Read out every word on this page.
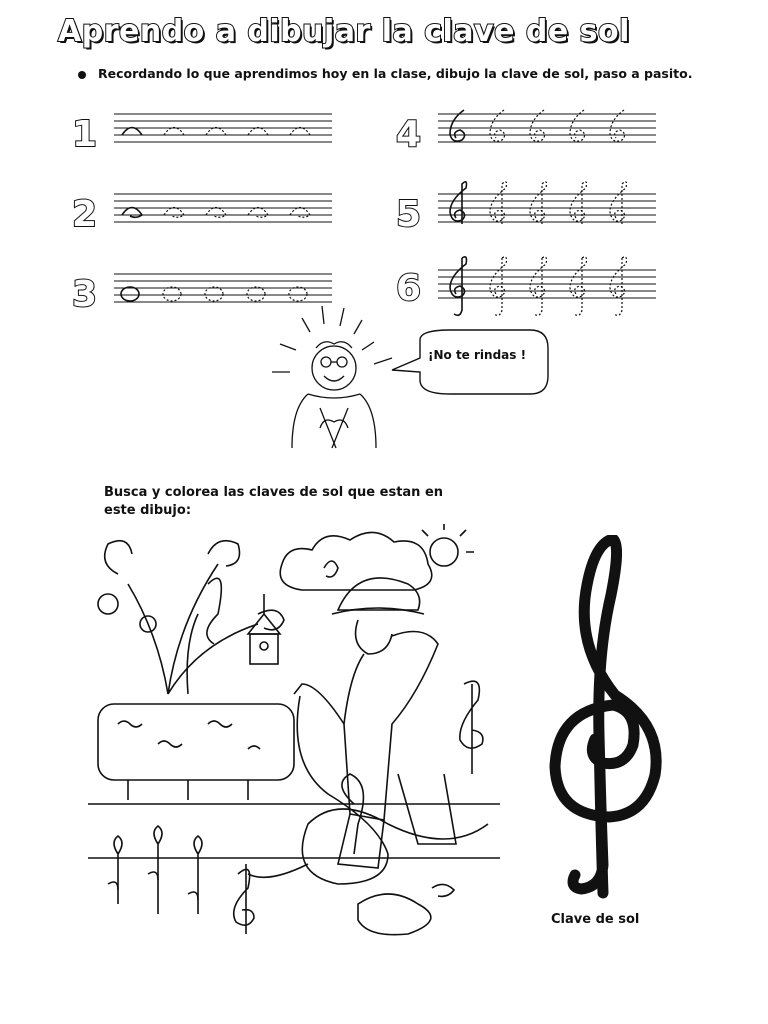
Aprendo a dibujar la clave de sol
Recordando lo que aprendimos hoy en la clase, dibujo la clave de sol, paso a pasito.
1
2
3
4
5
6
¡No te rindas !
Busca y colorea las claves de sol que estan en este dibujo:
Clave de sol
